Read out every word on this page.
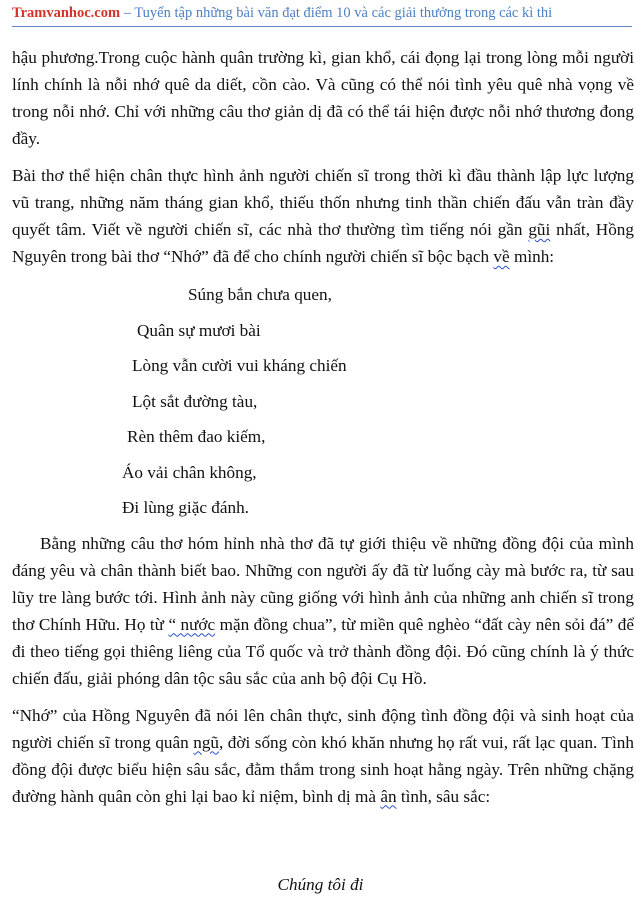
Tramvanhoc.com – Tuyển tập những bài văn đạt điểm 10 và các giải thưởng trong các kì thi

hậu phương.Trong cuộc hành quân trường kì, gian khổ, cái đọng lại trong lòng mỗi người lính chính là nỗi nhớ quê da diết, cồn cào. Và cũng có thể nói tình yêu quê nhà vọng về trong nỗi nhớ. Chỉ với những câu thơ giản dị đã có thể tái hiện được nỗi nhớ thương đong đầy.

Bài thơ thể hiện chân thực hình ảnh người chiến sĩ trong thời kì đầu thành lập lực lượng vũ trang, những năm tháng gian khổ, thiếu thốn nhưng tinh thần chiến đấu vẫn tràn đầy quyết tâm. Viết về người chiến sĩ, các nhà thơ thường tìm tiếng nói gần gũi nhất, Hồng Nguyên trong bài thơ “Nhớ” đã để cho chính người chiến sĩ bộc bạch về mình:

Súng bắn chưa quen,
Quân sự mươi bài
Lòng vẫn cười vui kháng chiến
Lột sắt đường tàu,
Rèn thêm đao kiếm,
Áo vải chân không,
Đi lùng giặc đánh.

Bằng những câu thơ hóm hỉnh nhà thơ đã tự giới thiệu về những đồng đội của mình đáng yêu và chân thành biết bao. Những con người ấy đã từ luống cày mà bước ra, từ sau lũy tre làng bước tới. Hình ảnh này cũng giống với hình ảnh của những anh chiến sĩ trong thơ Chính Hữu. Họ từ “ nước mặn đồng chua”, từ miền quê nghèo “đất cày nên sỏi đá” để đi theo tiếng gọi thiêng liêng của Tổ quốc và trở thành đồng đội. Đó cũng chính là ý thức chiến đấu, giải phóng dân tộc sâu sắc của anh bộ đội Cụ Hồ.

“Nhớ” của Hồng Nguyên đã nói lên chân thực, sinh động tình đồng đội và sinh hoạt của người chiến sĩ trong quân ngũ, đời sống còn khó khăn nhưng họ rất vui, rất lạc quan. Tình đồng đội được biểu hiện sâu sắc, đằm thắm trong sinh hoạt hằng ngày. Trên những chặng đường hành quân còn ghi lại bao kỉ niệm, bình dị mà ân tình, sâu sắc:

Chúng tôi đi
